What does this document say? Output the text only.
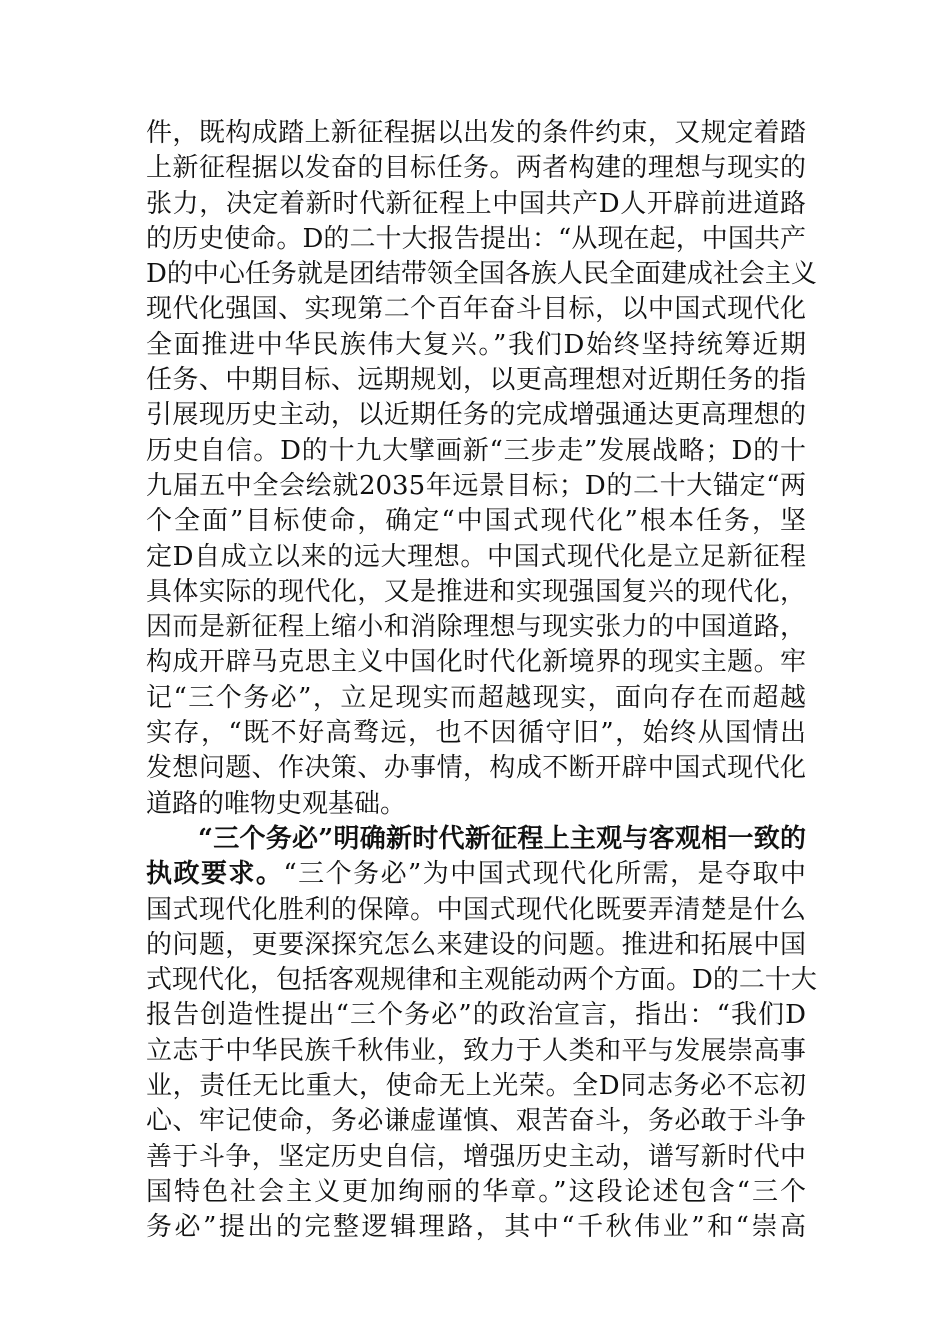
件，既构成踏上新征程据以出发的条件约束，又规定着踏
上新征程据以发奋的目标任务。两者构建的理想与现实的
张力，决定着新时代新征程上中国共产D人开辟前进道路
的历史使命。D的二十大报告提出：“从现在起，中国共产
D的中心任务就是团结带领全国各族人民全面建成社会主义
现代化强国、实现第二个百年奋斗目标，以中国式现代化
全面推进中华民族伟大复兴。”我们D始终坚持统筹近期
任务、中期目标、远期规划，以更高理想对近期任务的指
引展现历史主动，以近期任务的完成增强通达更高理想的
历史自信。D的十九大擘画新“三步走”发展战略；D的十
九届五中全会绘就2035年远景目标；D的二十大锚定“两
个全面”目标使命，确定“中国式现代化”根本任务，坚
定D自成立以来的远大理想。中国式现代化是立足新征程
具体实际的现代化，又是推进和实现强国复兴的现代化，
因而是新征程上缩小和消除理想与现实张力的中国道路，
构成开辟马克思主义中国化时代化新境界的现实主题。牢
记“三个务必”，立足现实而超越现实，面向存在而超越
实存，“既不好高骛远，也不因循守旧”，始终从国情出
发想问题、作决策、办事情，构成不断开辟中国式现代化
道路的唯物史观基础。
“三个务必”明确新时代新征程上主观与客观相一致的
执政要求。“三个务必”为中国式现代化所需，是夺取中
国式现代化胜利的保障。中国式现代化既要弄清楚是什么
的问题，更要深探究怎么来建设的问题。推进和拓展中国
式现代化，包括客观规律和主观能动两个方面。D的二十大
报告创造性提出“三个务必”的政治宣言，指出：“我们D
立志于中华民族千秋伟业，致力于人类和平与发展崇高事
业，责任无比重大，使命无上光荣。全D同志务必不忘初
心、牢记使命，务必谦虚谨慎、艰苦奋斗，务必敢于斗争
善于斗争，坚定历史自信，增强历史主动，谱写新时代中
国特色社会主义更加绚丽的华章。”这段论述包含“三个
务必”提出的完整逻辑理路，其中“千秋伟业”和“崇高
